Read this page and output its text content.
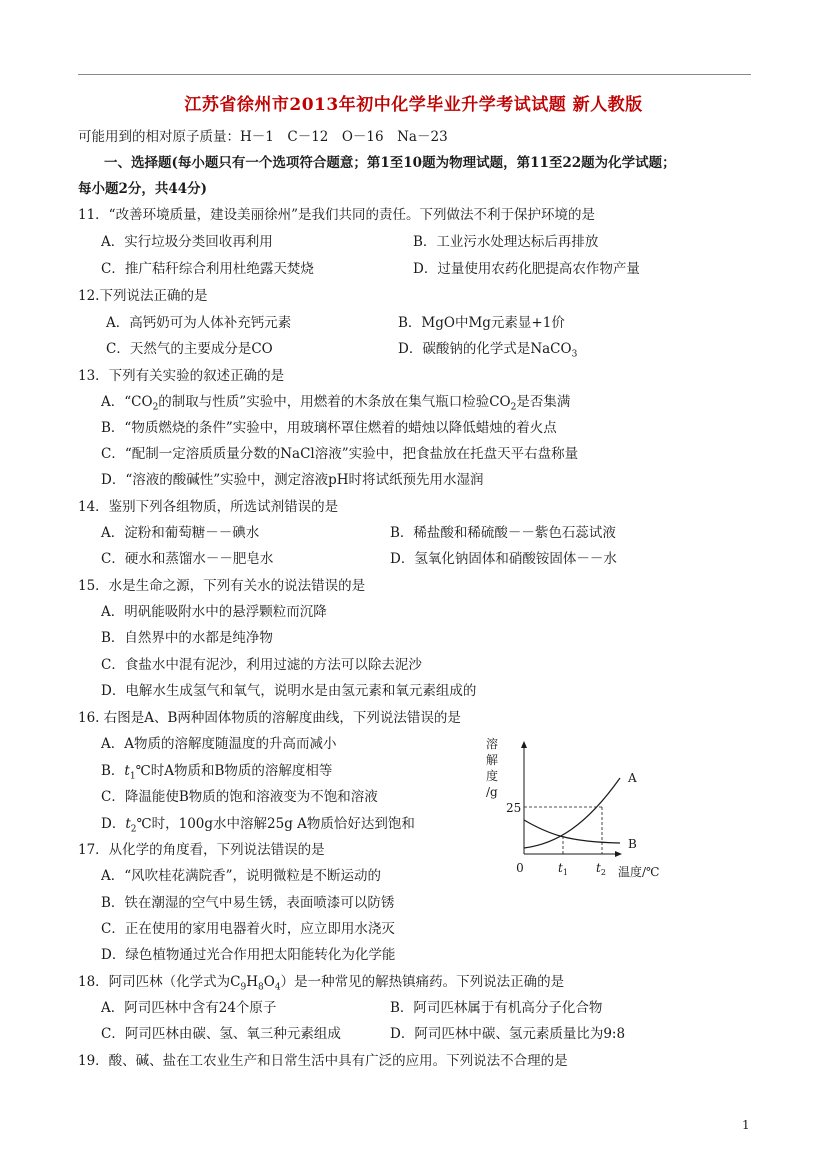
江苏省徐州市2013年初中化学毕业升学考试试题 新人教版
可能用到的相对原子质量：H－1　C－12　O－16　Na－23
一、选择题(每小题只有一个选项符合题意；第1至10题为物理试题，第11至22题为化学试题；
每小题2分，共44分)
11．“改善环境质量，建设美丽徐州”是我们共同的责任。下列做法不利于保护环境的是
A．实行垃圾分类回收再利用	B．工业污水处理达标后再排放
C．推广秸秆综合利用杜绝露天焚烧	D．过量使用农药化肥提高农作物产量
12.下列说法正确的是
A．高钙奶可为人体补充钙元素	B．MgO中Mg元素显+1价
C．天然气的主要成分是CO	D．碳酸钠的化学式是NaCO$_3$
13．下列有关实验的叙述正确的是
A．“$CO_2$的制取与性质”实验中，用燃着的木条放在集气瓶口检验$CO_2$是否集满
B．“物质燃烧的条件”实验中，用玻璃杯罩住燃着的蜡烛以降低蜡烛的着火点
C．“配制一定溶质质量分数的NaCl溶液”实验中，把食盐放在托盘天平右盘称量
D．“溶液的酸碱性”实验中，测定溶液pH时将试纸预先用水湿润
14．鉴别下列各组物质，所选试剂错误的是
A．淀粉和葡萄糖－－碘水	B．稀盐酸和稀硫酸－－紫色石蕊试液
C．硬水和蒸馏水－－肥皂水	D．氢氧化钠固体和硝酸铵固体－－水
15．水是生命之源，下列有关水的说法错误的是
A．明矾能吸附水中的悬浮颗粒而沉降
B．自然界中的水都是纯净物
C．食盐水中混有泥沙，利用过滤的方法可以除去泥沙
D．电解水生成氢气和氧气，说明水是由氢元素和氧元素组成的
16. 右图是A、B两种固体物质的溶解度曲线，下列说法错误的是
A．A物质的溶解度随温度的升高而减小
B．$t_1℃$时A物质和B物质的溶解度相等
C．降温能使B物质的饱和溶液变为不饱和溶液
D．$t_2℃$时，100g水中溶解25g A物质恰好达到饱和
溶
解
度
/g
0
25
$t_1$ $t_2$ 温度/℃
A
B
17．从化学的角度看，下列说法错误的是
A．“风吹桂花满院香”，说明微粒是不断运动的
B．铁在潮湿的空气中易生锈，表面喷漆可以防锈
C．正在使用的家用电器着火时，应立即用水浇灭
D．绿色植物通过光合作用把太阳能转化为化学能
18．阿司匹林（化学式为$C_9H_8O_4$）是一种常见的解热镇痛药。下列说法正确的是
A．阿司匹林中含有24个原子	B．阿司匹林属于有机高分子化合物
C．阿司匹林由碳、氢、氧三种元素组成	D．阿司匹林中碳、氢元素质量比为9:8
19．酸、碱、盐在工农业生产和日常生活中具有广泛的应用。下列说法不合理的是
1
